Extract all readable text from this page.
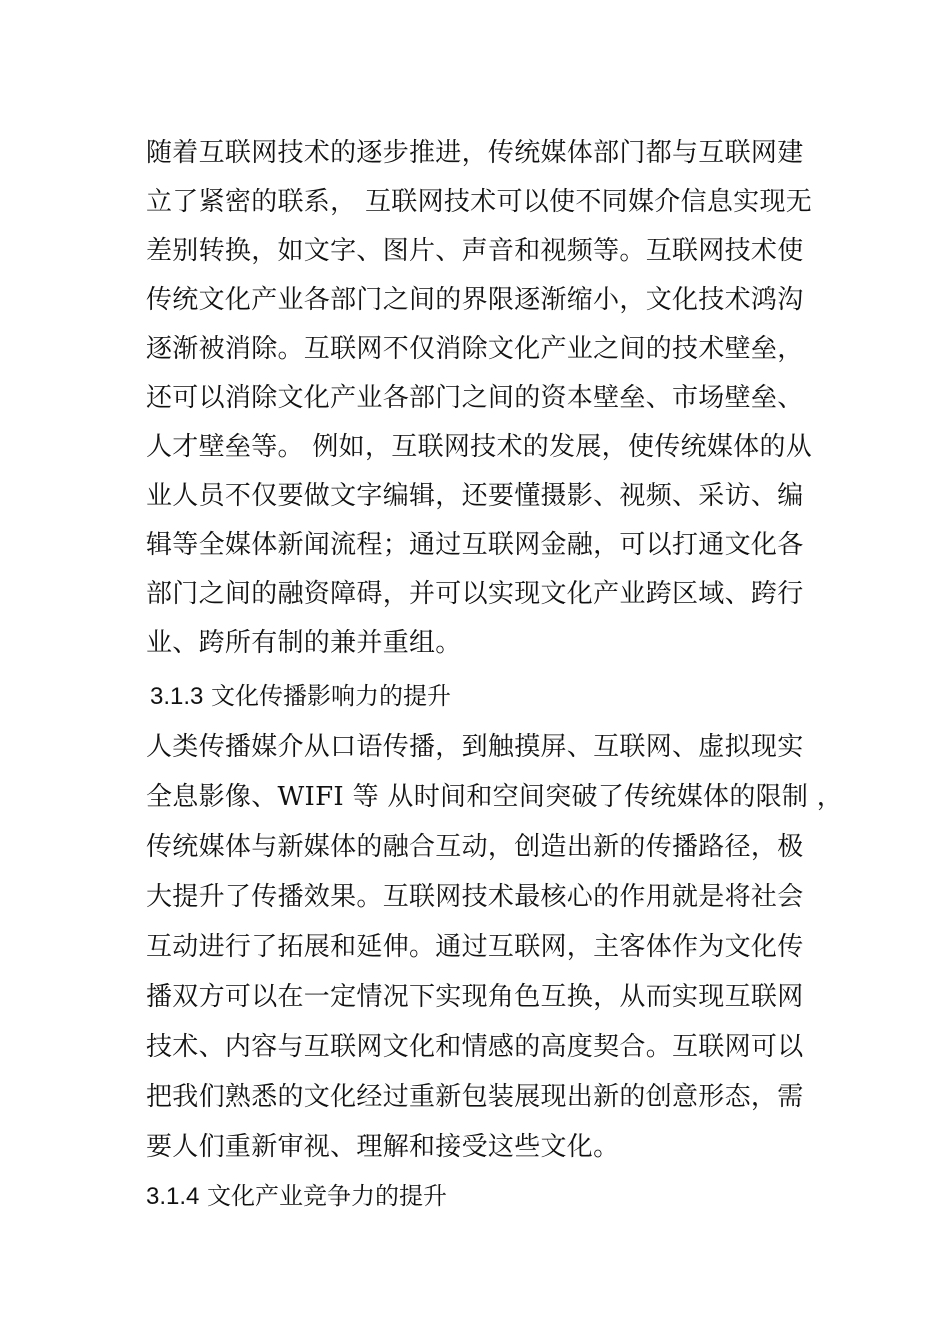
随着互联网技术的逐步推进，传统媒体部门都与互联网建
立了紧密的联系， 互联网技术可以使不同媒介信息实现无
差别转换，如文字、图片、声音和视频等。互联网技术使
传统文化产业各部门之间的界限逐渐缩小，文化技术鸿沟
逐渐被消除。互联网不仅消除文化产业之间的技术壁垒，
还可以消除文化产业各部门之间的资本壁垒、市场壁垒、
人才壁垒等。 例如，互联网技术的发展，使传统媒体的从
业人员不仅要做文字编辑，还要懂摄影、视频、采访、编
辑等全媒体新闻流程；通过互联网金融，可以打通文化各
部门之间的融资障碍，并可以实现文化产业跨区域、跨行
业、跨所有制的兼并重组。
3.1.3 文化传播影响力的提升
人类传播媒介从口语传播，到触摸屏、互联网、虚拟现实
全息影像、WIFI 等 从时间和空间突破了传统媒体的限制 ，
传统媒体与新媒体的融合互动，创造出新的传播路径，极
大提升了传播效果。互联网技术最核心的作用就是将社会
互动进行了拓展和延伸。通过互联网，主客体作为文化传
播双方可以在一定情况下实现角色互换，从而实现互联网
技术、内容与互联网文化和情感的高度契合。互联网可以
把我们熟悉的文化经过重新包装展现出新的创意形态，需
要人们重新审视、理解和接受这些文化。
3.1.4 文化产业竞争力的提升
